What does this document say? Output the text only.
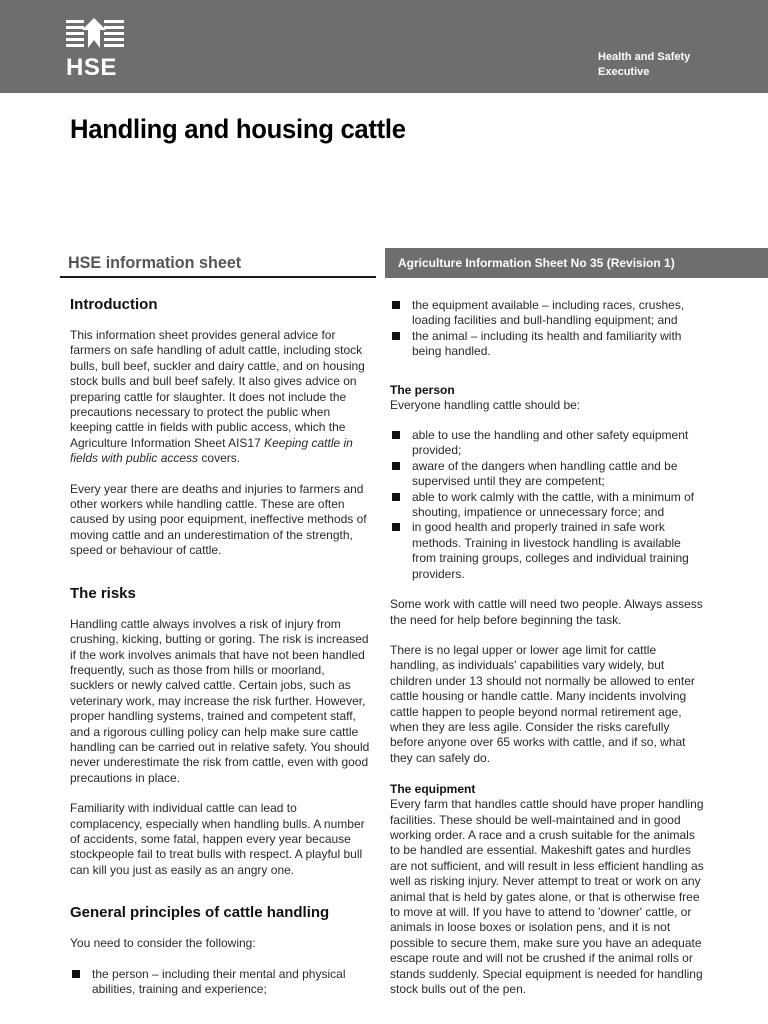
HSE	Health and Safety Executive
Handling and housing cattle
HSE information sheet	Agriculture Information Sheet No 35 (Revision 1)
Introduction

This information sheet provides general advice for farmers on safe handling of adult cattle, including stock bulls, bull beef, suckler and dairy cattle, and on housing stock bulls and bull beef safely. It also gives advice on preparing cattle for slaughter. It does not include the precautions necessary to protect the public when keeping cattle in fields with public access, which the Agriculture Information Sheet AIS17 Keeping cattle in fields with public access covers.

Every year there are deaths and injuries to farmers and other workers while handling cattle. These are often caused by using poor equipment, ineffective methods of moving cattle and an underestimation of the strength, speed or behaviour of cattle.

The risks

Handling cattle always involves a risk of injury from crushing, kicking, butting or goring. The risk is increased if the work involves animals that have not been handled frequently, such as those from hills or moorland, sucklers or newly calved cattle. Certain jobs, such as veterinary work, may increase the risk further. However, proper handling systems, trained and competent staff, and a rigorous culling policy can help make sure cattle handling can be carried out in relative safety. You should never underestimate the risk from cattle, even with good precautions in place.

Familiarity with individual cattle can lead to complacency, especially when handling bulls. A number of accidents, some fatal, happen every year because stockpeople fail to treat bulls with respect. A playful bull can kill you just as easily as an angry one.

General principles of cattle handling

You need to consider the following:

the person – including their mental and physical abilities, training and experience;
the equipment available – including races, crushes, loading facilities and bull-handling equipment; and
the animal – including its health and familiarity with being handled.
The person

Everyone handling cattle should be:

able to use the handling and other safety equipment provided;
aware of the dangers when handling cattle and be supervised until they are competent;
able to work calmly with the cattle, with a minimum of shouting, impatience or unnecessary force; and
in good health and properly trained in safe work methods. Training in livestock handling is available from training groups, colleges and individual training providers.

Some work with cattle will need two people. Always assess the need for help before beginning the task.

There is no legal upper or lower age limit for cattle handling, as individuals' capabilities vary widely, but children under 13 should not normally be allowed to enter cattle housing or handle cattle. Many incidents involving cattle happen to people beyond normal retirement age, when they are less agile. Consider the risks carefully before anyone over 65 works with cattle, and if so, what they can safely do.

The equipment

Every farm that handles cattle should have proper handling facilities. These should be well-maintained and in good working order. A race and a crush suitable for the animals to be handled are essential. Makeshift gates and hurdles are not sufficient, and will result in less efficient handling as well as risking injury. Never attempt to treat or work on any animal that is held by gates alone, or that is otherwise free to move at will. If you have to attend to 'downer' cattle, or animals in loose boxes or isolation pens, and it is not possible to secure them, make sure you have an adequate escape route and will not be crushed if the animal rolls or stands suddenly. Special equipment is needed for handling stock bulls out of the pen.
